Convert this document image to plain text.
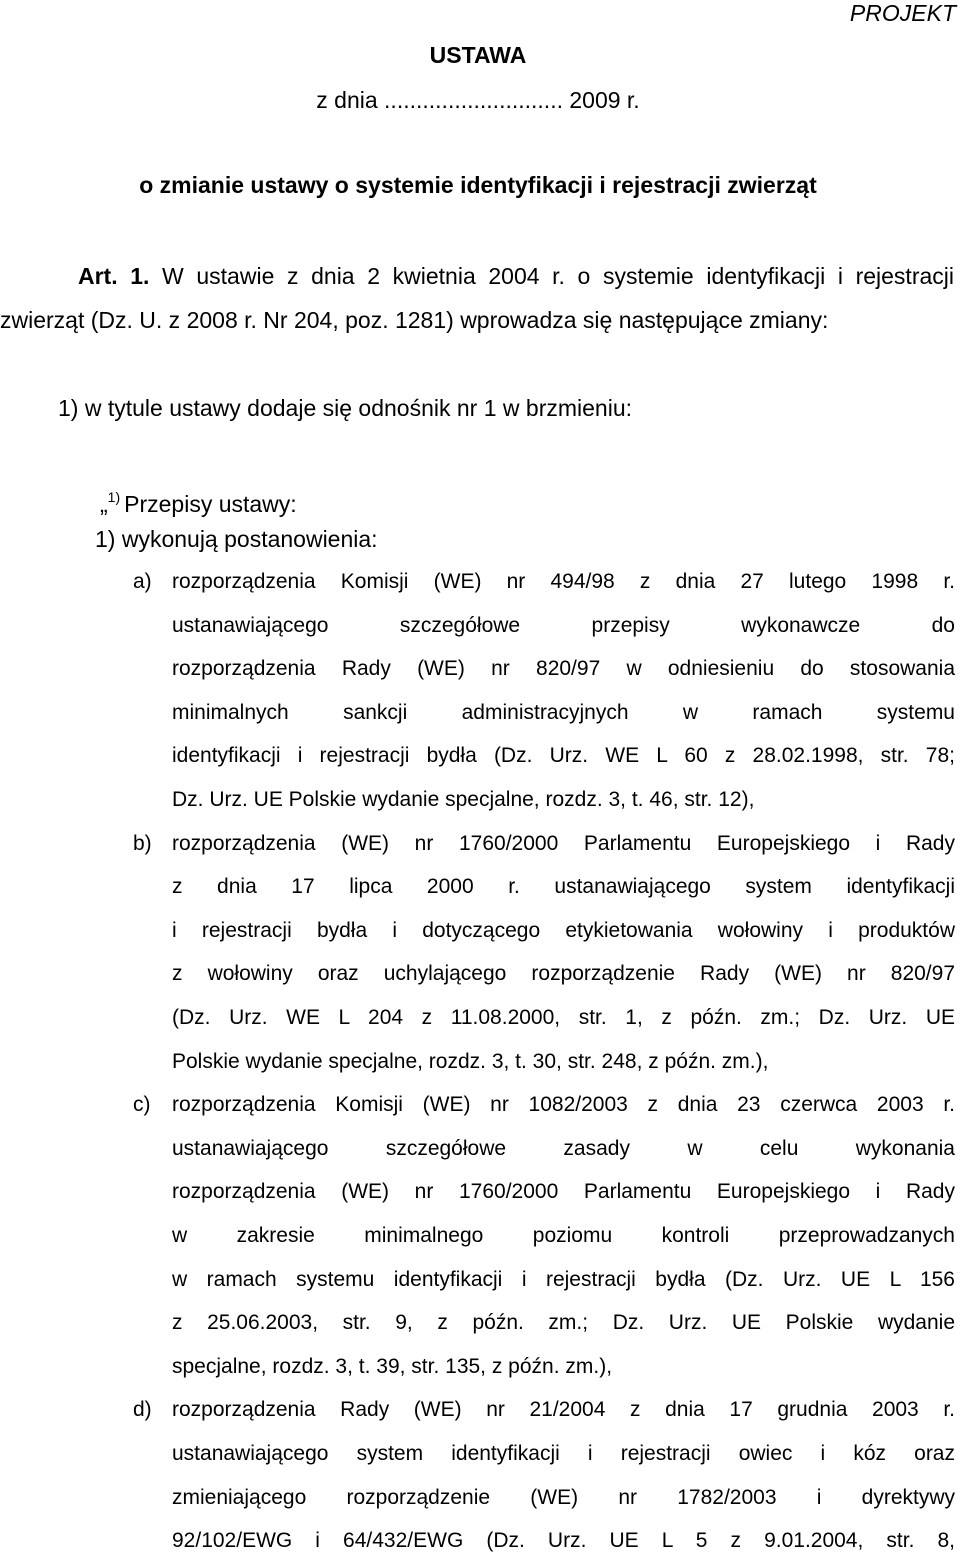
PROJEKT
USTAWA
z dnia ............................ 2009 r.
o zmianie ustawy o systemie identyfikacji i rejestracji zwierząt
Art. 1. W ustawie z dnia 2 kwietnia 2004 r. o systemie identyfikacji i rejestracji
zwierząt (Dz. U. z 2008 r. Nr 204, poz. 1281) wprowadza się następujące zmiany:
1) w tytule ustawy dodaje się odnośnik nr 1 w brzmieniu:
„$^{1)}$ Przepisy ustawy:
1) wykonują postanowienia:
a) rozporządzenia Komisji (WE) nr 494/98 z dnia 27 lutego 1998 r.
ustanawiającego szczegółowe przepisy wykonawcze do
rozporządzenia Rady (WE) nr 820/97 w odniesieniu do stosowania
minimalnych sankcji administracyjnych w ramach systemu
identyfikacji i rejestracji bydła (Dz. Urz. WE L 60 z 28.02.1998, str. 78;
Dz. Urz. UE Polskie wydanie specjalne, rozdz. 3, t. 46, str. 12),
b) rozporządzenia (WE) nr 1760/2000 Parlamentu Europejskiego i Rady
z dnia 17 lipca 2000 r. ustanawiającego system identyfikacji
i rejestracji bydła i dotyczącego etykietowania wołowiny i produktów
z wołowiny oraz uchylającego rozporządzenie Rady (WE) nr 820/97
(Dz. Urz. WE L 204 z 11.08.2000, str. 1, z późn. zm.; Dz. Urz. UE
Polskie wydanie specjalne, rozdz. 3, t. 30, str. 248, z późn. zm.),
c) rozporządzenia Komisji (WE) nr 1082/2003 z dnia 23 czerwca 2003 r.
ustanawiającego szczegółowe zasady w celu wykonania
rozporządzenia (WE) nr 1760/2000 Parlamentu Europejskiego i Rady
w zakresie minimalnego poziomu kontroli przeprowadzanych
w ramach systemu identyfikacji i rejestracji bydła (Dz. Urz. UE L 156
z 25.06.2003, str. 9, z późn. zm.; Dz. Urz. UE Polskie wydanie
specjalne, rozdz. 3, t. 39, str. 135, z późn. zm.),
d) rozporządzenia Rady (WE) nr 21/2004 z dnia 17 grudnia 2003 r.
ustanawiającego system identyfikacji i rejestracji owiec i kóz oraz
zmieniającego rozporządzenie (WE) nr 1782/2003 i dyrektywy
92/102/EWG i 64/432/EWG (Dz. Urz. UE L 5 z 9.01.2004, str. 8,
